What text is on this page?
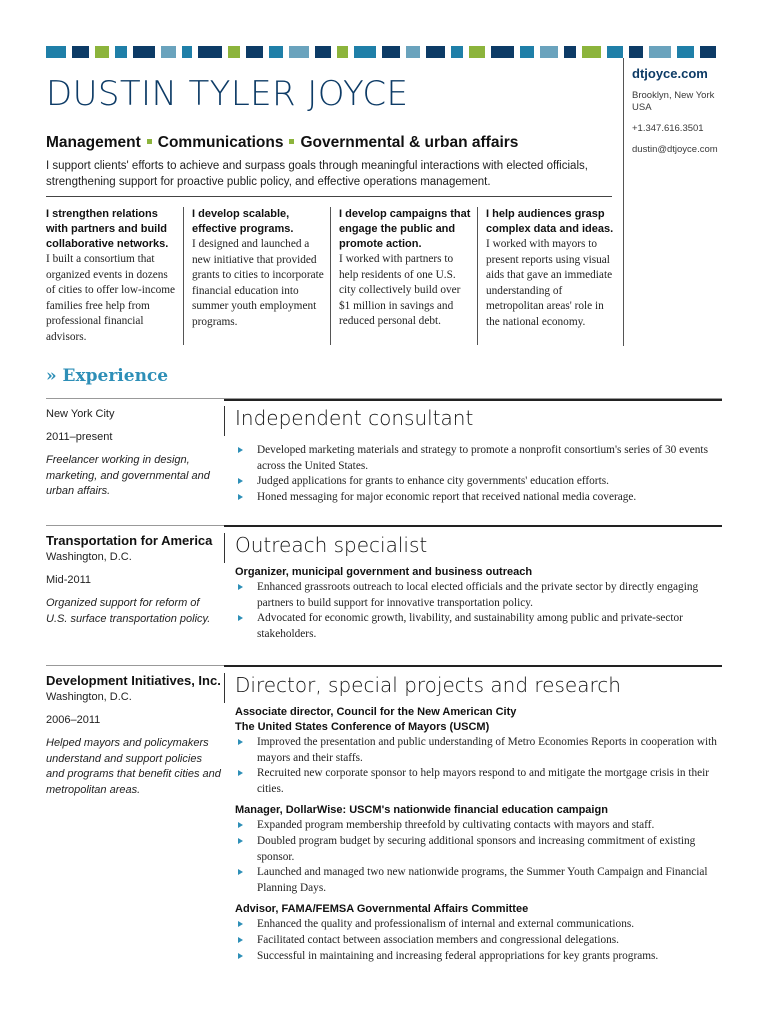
DUSTIN TYLER JOYCE
dtjoyce.com
Brooklyn, New York
USA
+1.347.616.3501
dustin@dtjoyce.com
Management Communications Governmental & urban affairs
I support clients' efforts to achieve and surpass goals through meaningful interactions with elected officials, strengthening support for proactive public policy, and effective operations management.
I strengthen relations with partners and build collaborative networks.
I built a consortium that organized events in dozens of cities to offer low-income families free help from professional financial advisors.
I develop scalable, effective programs.
I designed and launched a new initiative that provided grants to cities to incorporate financial education into summer youth employment programs.
I develop campaigns that engage the public and promote action.
I worked with partners to help residents of one U.S. city collectively build over $1 million in savings and reduced personal debt.
I help audiences grasp complex data and ideas.
I worked with mayors to present reports using visual aids that gave an immediate understanding of metropolitan areas' role in the national economy.
» Experience
New York City
2011–present
Freelancer working in design, marketing, and governmental and urban affairs.
Independent consultant
Developed marketing materials and strategy to promote a nonprofit consortium's series of 30 events across the United States.
Judged applications for grants to enhance city governments' education efforts.
Honed messaging for major economic report that received national media coverage.
Transportation for America
Washington, D.C.
Mid-2011
Organized support for reform of U.S. surface transportation policy.
Outreach specialist
Organizer, municipal government and business outreach
Enhanced grassroots outreach to local elected officials and the private sector by directly engaging partners to build support for innovative transportation policy.
Advocated for economic growth, livability, and sustainability among public and private-sector stakeholders.
Development Initiatives, Inc.
Washington, D.C.
2006–2011
Helped mayors and policymakers understand and support policies and programs that benefit cities and metropolitan areas.
Director, special projects and research
Associate director, Council for the New American City
The United States Conference of Mayors (USCM)
Improved the presentation and public understanding of Metro Economies Reports in cooperation with mayors and their staffs.
Recruited new corporate sponsor to help mayors respond to and mitigate the mortgage crisis in their cities.
Manager, DollarWise: USCM's nationwide financial education campaign
Expanded program membership threefold by cultivating contacts with mayors and staff.
Doubled program budget by securing additional sponsors and increasing commitment of existing sponsor.
Launched and managed two new nationwide programs, the Summer Youth Campaign and Financial Planning Days.
Advisor, FAMA/FEMSA Governmental Affairs Committee
Enhanced the quality and professionalism of internal and external communications.
Facilitated contact between association members and congressional delegations.
Successful in maintaining and increasing federal appropriations for key grants programs.
